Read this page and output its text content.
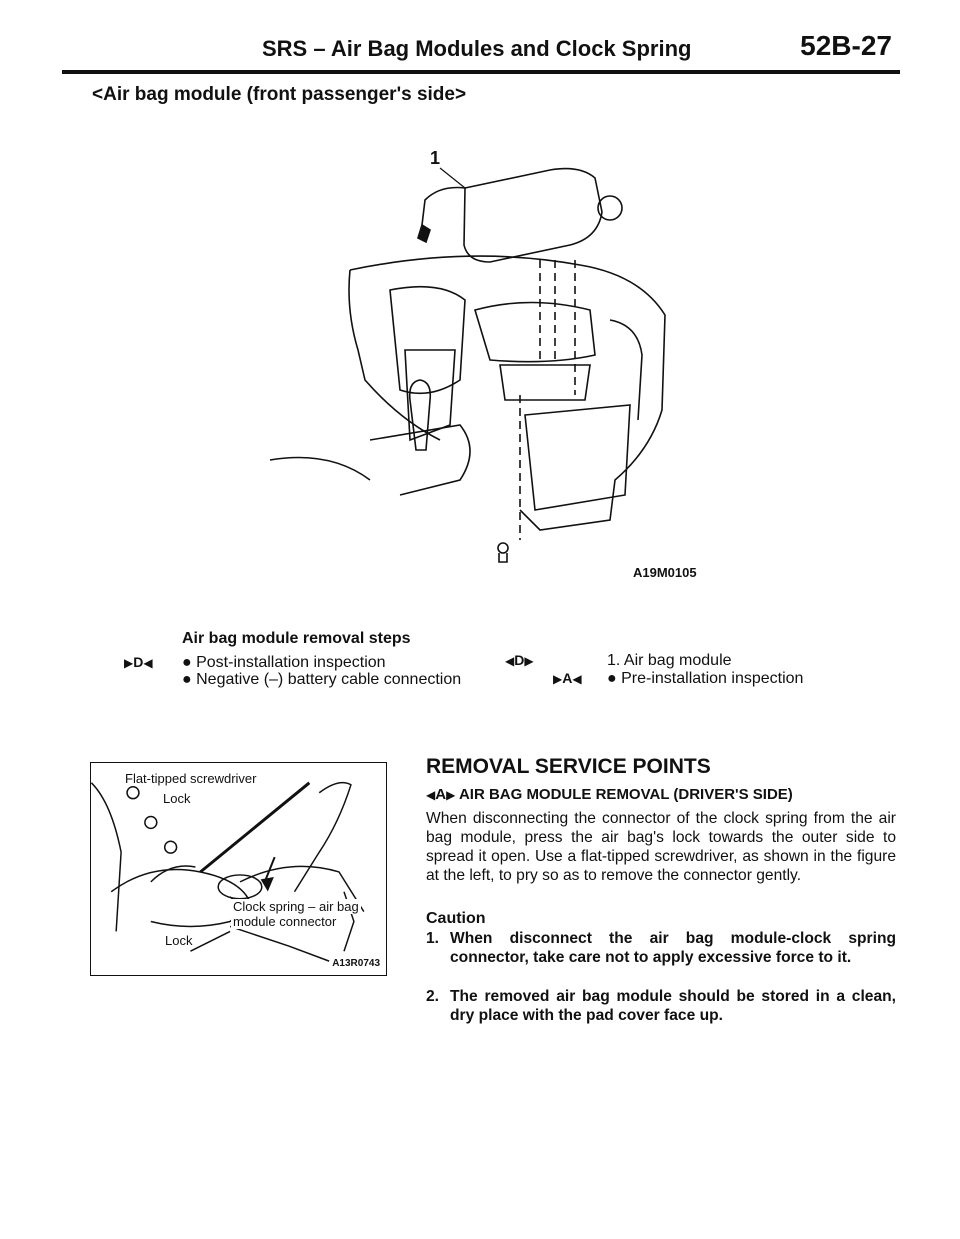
SRS – Air Bag Modules and Clock Spring	52B-27
<Air bag module (front passenger's side>
1
A19M0105
Air bag module removal steps
▶D◀ ● Post-installation inspection
● Negative (–) battery cable connection
◀D▶	1. Air bag module
▶A◀ ● Pre-installation inspection
Flat-tipped screwdriver
Lock
Clock spring – air bag
module connector
Lock
A13R0743
REMOVAL SERVICE POINTS
◀A▶ AIR BAG MODULE REMOVAL (DRIVER'S SIDE)
When disconnecting the connector of the clock spring from the air bag module, press the air bag's lock towards the outer side to spread it open. Use a flat-tipped screwdriver, as shown in the figure at the left, to pry so as to remove the connector gently.
Caution
1. When disconnect the air bag module-clock spring connector, take care not to apply excessive force to it.
2. The removed air bag module should be stored in a clean, dry place with the pad cover face up.
